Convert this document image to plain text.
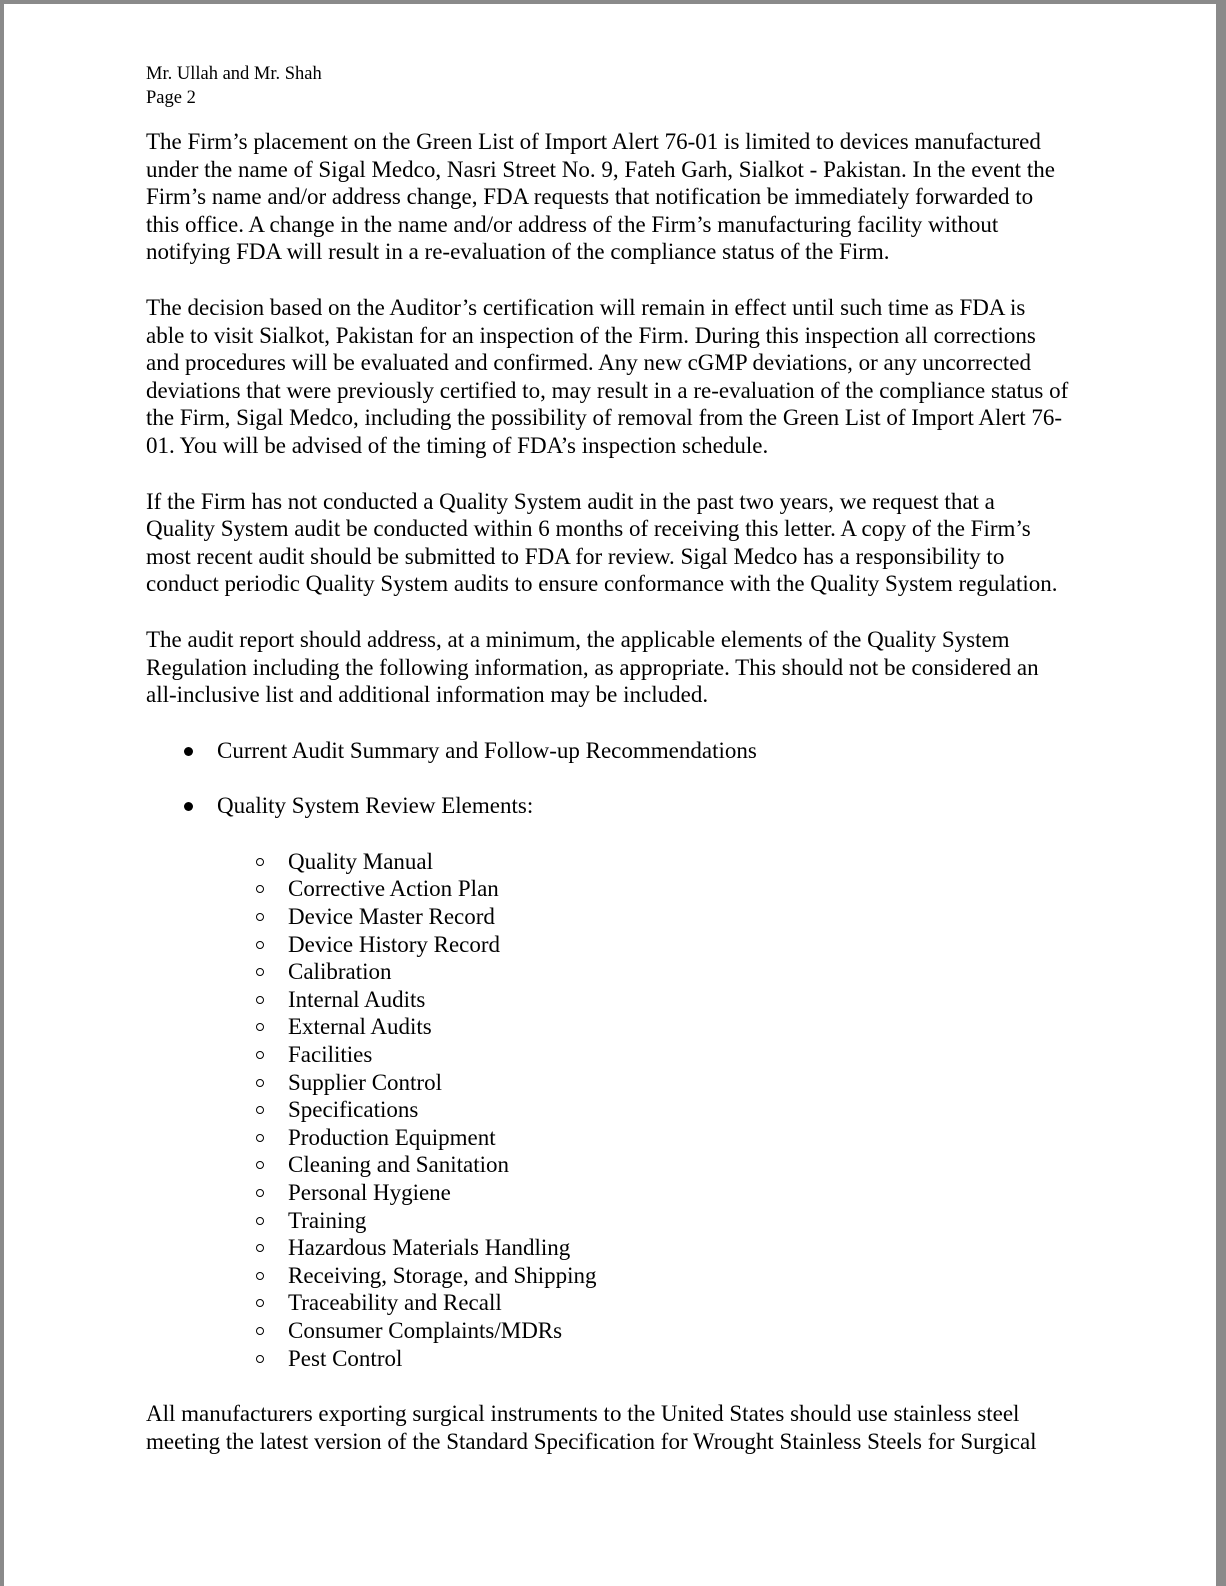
Mr. Ullah and Mr. Shah
Page 2
The Firm’s placement on the Green List of Import Alert 76-01 is limited to devices manufactured
under the name of Sigal Medco, Nasri Street No. 9, Fateh Garh, Sialkot - Pakistan. In the event the
Firm’s name and/or address change, FDA requests that notification be immediately forwarded to
this office. A change in the name and/or address of the Firm’s manufacturing facility without
notifying FDA will result in a re-evaluation of the compliance status of the Firm.
The decision based on the Auditor’s certification will remain in effect until such time as FDA is
able to visit Sialkot, Pakistan for an inspection of the Firm. During this inspection all corrections
and procedures will be evaluated and confirmed. Any new cGMP deviations, or any uncorrected
deviations that were previously certified to, may result in a re-evaluation of the compliance status of
the Firm, Sigal Medco, including the possibility of removal from the Green List of Import Alert 76-
01. You will be advised of the timing of FDA’s inspection schedule.
If the Firm has not conducted a Quality System audit in the past two years, we request that a
Quality System audit be conducted within 6 months of receiving this letter. A copy of the Firm’s
most recent audit should be submitted to FDA for review. Sigal Medco has a responsibility to
conduct periodic Quality System audits to ensure conformance with the Quality System regulation.
The audit report should address, at a minimum, the applicable elements of the Quality System
Regulation including the following information, as appropriate. This should not be considered an
all-inclusive list and additional information may be included.
Current Audit Summary and Follow-up Recommendations
Quality System Review Elements:
Quality Manual
Corrective Action Plan
Device Master Record
Device History Record
Calibration
Internal Audits
External Audits
Facilities
Supplier Control
Specifications
Production Equipment
Cleaning and Sanitation
Personal Hygiene
Training
Hazardous Materials Handling
Receiving, Storage, and Shipping
Traceability and Recall
Consumer Complaints/MDRs
Pest Control
All manufacturers exporting surgical instruments to the United States should use stainless steel
meeting the latest version of the Standard Specification for Wrought Stainless Steels for Surgical
